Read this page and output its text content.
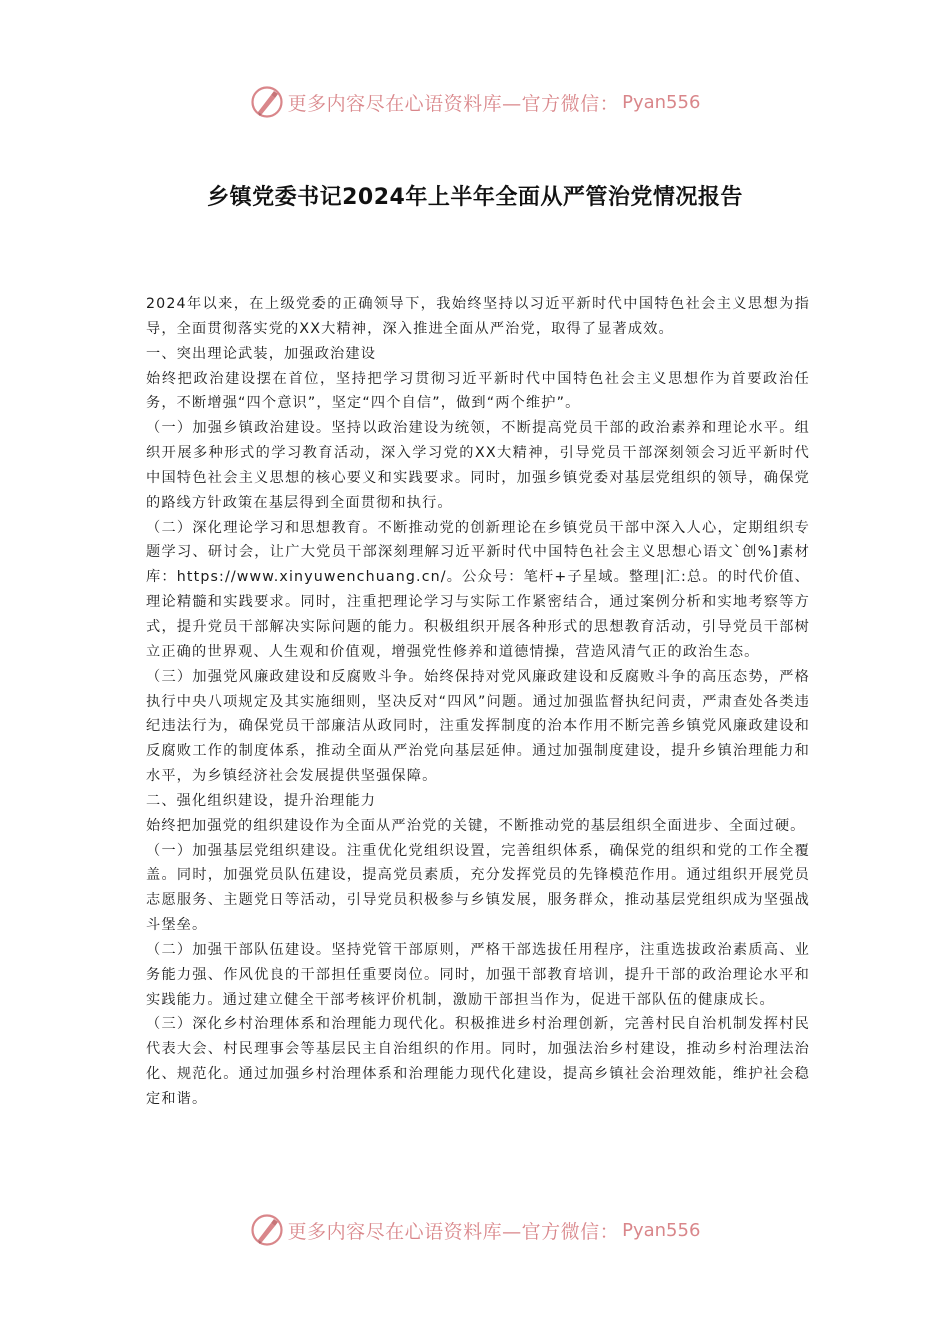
更多内容尽在心语资料库—官方微信： Pyan556
乡镇党委书记2024年上半年全面从严管治党情况报告

2024年以来，在上级党委的正确领导下，我始终坚持以习近平新时代中国特色社会主义思想为指导，全面贯彻落实党的XX大精神，深入推进全面从严治党，取得了显著成效。

一、突出理论武装，加强政治建设

始终把政治建设摆在首位，坚持把学习贯彻习近平新时代中国特色社会主义思想作为首要政治任务，不断增强“四个意识”，坚定“四个自信”，做到“两个维护”。

（一）加强乡镇政治建设。坚持以政治建设为统领，不断提高党员干部的政治素养和理论水平。组织开展多种形式的学习教育活动，深入学习党的XX大精神，引导党员干部深刻领会习近平新时代中国特色社会主义思想的核心要义和实践要求。同时，加强乡镇党委对基层党组织的领导，确保党的路线方针政策在基层得到全面贯彻和执行。

（二）深化理论学习和思想教育。不断推动党的创新理论在乡镇党员干部中深入人心，定期组织专题学习、研讨会，让广大党员干部深刻理解习近平新时代中国特色社会主义思想心语文`创%]素材库：https://www.xinyuwenchuang.cn/。公众号：笔杆+子星域。整理|汇:总。的时代价值、理论精髓和实践要求。同时，注重把理论学习与实际工作紧密结合，通过案例分析和实地考察等方式，提升党员干部解决实际问题的能力。积极组织开展各种形式的思想教育活动，引导党员干部树立正确的世界观、人生观和价值观，增强党性修养和道德情操，营造风清气正的政治生态。

（三）加强党风廉政建设和反腐败斗争。始终保持对党风廉政建设和反腐败斗争的高压态势，严格执行中央八项规定及其实施细则，坚决反对“四风”问题。通过加强监督执纪问责，严肃查处各类违纪违法行为，确保党员干部廉洁从政同时，注重发挥制度的治本作用不断完善乡镇党风廉政建设和反腐败工作的制度体系，推动全面从严治党向基层延伸。通过加强制度建设，提升乡镇治理能力和水平，为乡镇经济社会发展提供坚强保障。

二、强化组织建设，提升治理能力

始终把加强党的组织建设作为全面从严治党的关键，不断推动党的基层组织全面进步、全面过硬。

（一）加强基层党组织建设。注重优化党组织设置，完善组织体系，确保党的组织和党的工作全覆盖。同时，加强党员队伍建设，提高党员素质，充分发挥党员的先锋模范作用。通过组织开展党员志愿服务、主题党日等活动，引导党员积极参与乡镇发展，服务群众，推动基层党组织成为坚强战斗堡垒。

（二）加强干部队伍建设。坚持党管干部原则，严格干部选拔任用程序，注重选拔政治素质高、业务能力强、作风优良的干部担任重要岗位。同时，加强干部教育培训，提升干部的政治理论水平和实践能力。通过建立健全干部考核评价机制，激励干部担当作为，促进干部队伍的健康成长。

（三）深化乡村治理体系和治理能力现代化。积极推进乡村治理创新，完善村民自治机制发挥村民代表大会、村民理事会等基层民主自治组织的作用。同时，加强法治乡村建设，推动乡村治理法治化、规范化。通过加强乡村治理体系和治理能力现代化建设，提高乡镇社会治理效能，维护社会稳定和谐。

更多内容尽在心语资料库—官方微信： Pyan556
